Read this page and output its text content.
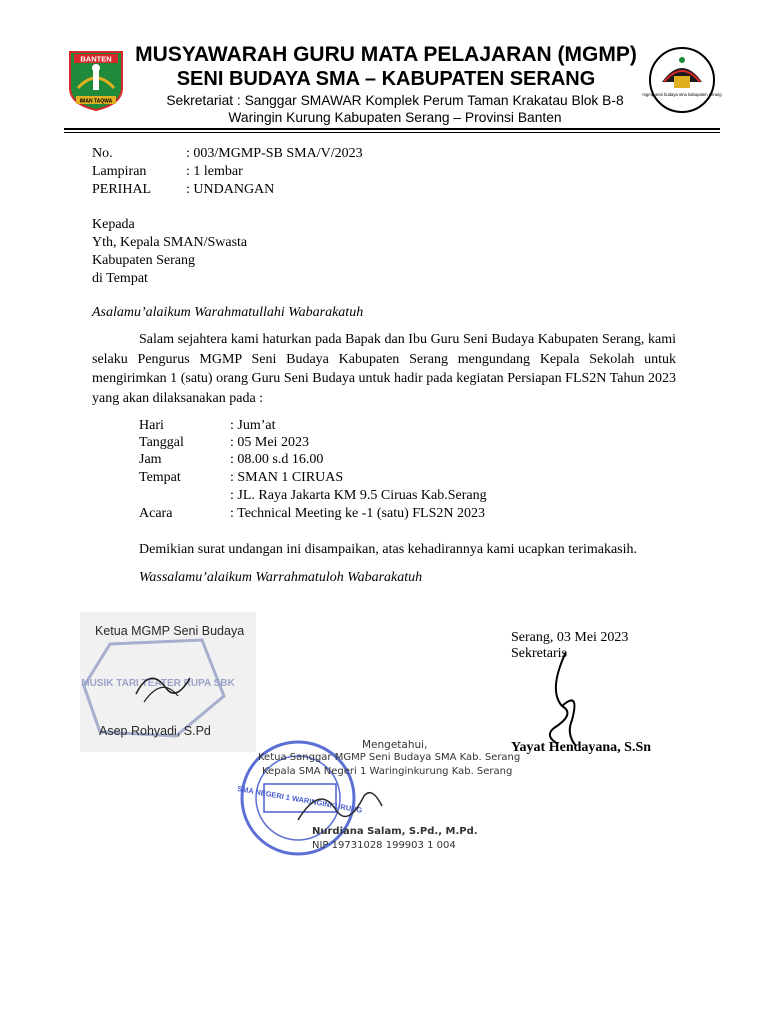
BANTEN
IMAN TAQWA
MUSYAWARAH GURU MATA PELAJARAN (MGMP)
SENI BUDAYA SMA – KABUPATEN SERANG
Sekretariat : Sanggar SMAWAR Komplek Perum Taman Krakatau Blok B-8
Waringin Kurung Kabupaten Serang – Provinsi Banten
mgmp seni budaya sma kabupaten serang
No.	: 003/MGMP-SB SMA/V/2023
Lampiran	: 1 lembar
PERIHAL : UNDANGAN
Kepada
Yth, Kepala SMAN/Swasta
Kabupaten Serang
di Tempat
Asalamu’alaikum Warahmatullahi Wabarakatuh
Salam sejahtera kami haturkan pada Bapak dan Ibu Guru Seni Budaya Kabupaten Serang, kami selaku Pengurus MGMP Seni Budaya Kabupaten Serang mengundang Kepala Sekolah untuk mengirimkan 1 (satu) orang Guru Seni Budaya untuk hadir pada kegiatan Persiapan FLS2N Tahun 2023 yang akan dilaksanakan pada :
Hari	: Jum’at
Tanggal	: 05 Mei 2023
Jam	: 08.00 s.d 16.00
Tempat	: SMAN 1 CIRUAS
: JL. Raya Jakarta KM 9.5 Ciruas Kab.Serang
Acara	: Technical Meeting ke -1 (satu) FLS2N 2023
Demikian surat undangan ini disampaikan, atas kehadirannya kami ucapkan terimakasih.
Wassalamu’alaikum Warrahmatuloh Wabarakatuh
Ketua MGMP Seni Budaya
MUSIK TARI TEATER RUPA SBK
Asep Rohyadi, S.Pd
Serang, 03 Mei 2023
Sekretaris
Yayat Hendayana, S.Sn
SMA NEGERI 1 WARINGINKURUNG
Mengetahui,
Ketua Sanggar MGMP Seni Budaya SMA Kab. Serang
Kepala SMA Negeri 1 Waringinkurung Kab. Serang
Nurdiana Salam, S.Pd., M.Pd.
NIP 19731028 199903 1 004
